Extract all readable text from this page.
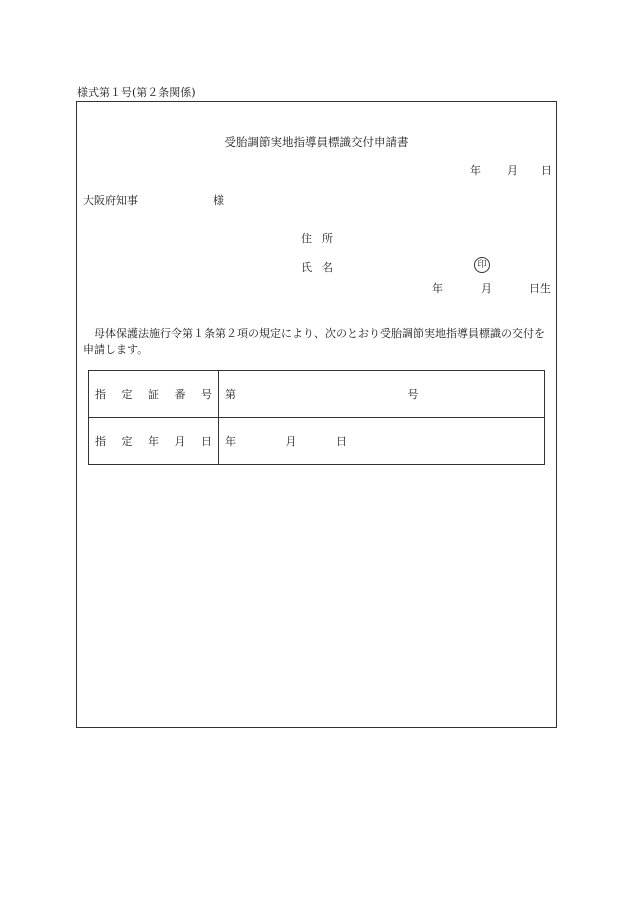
様式第１号(第２条関係)
受胎調節実地指導員標識交付申請書
年 月 日
大阪府知事	様
住 所
氏 名	印
年	月	日生
母体保護法施行令第１条第２項の規定により、次のとおり受胎調節実地指導員標識の交付を申請します。
指 定 証 番 号	第 号

指 定 年 月 日	年 月 日
